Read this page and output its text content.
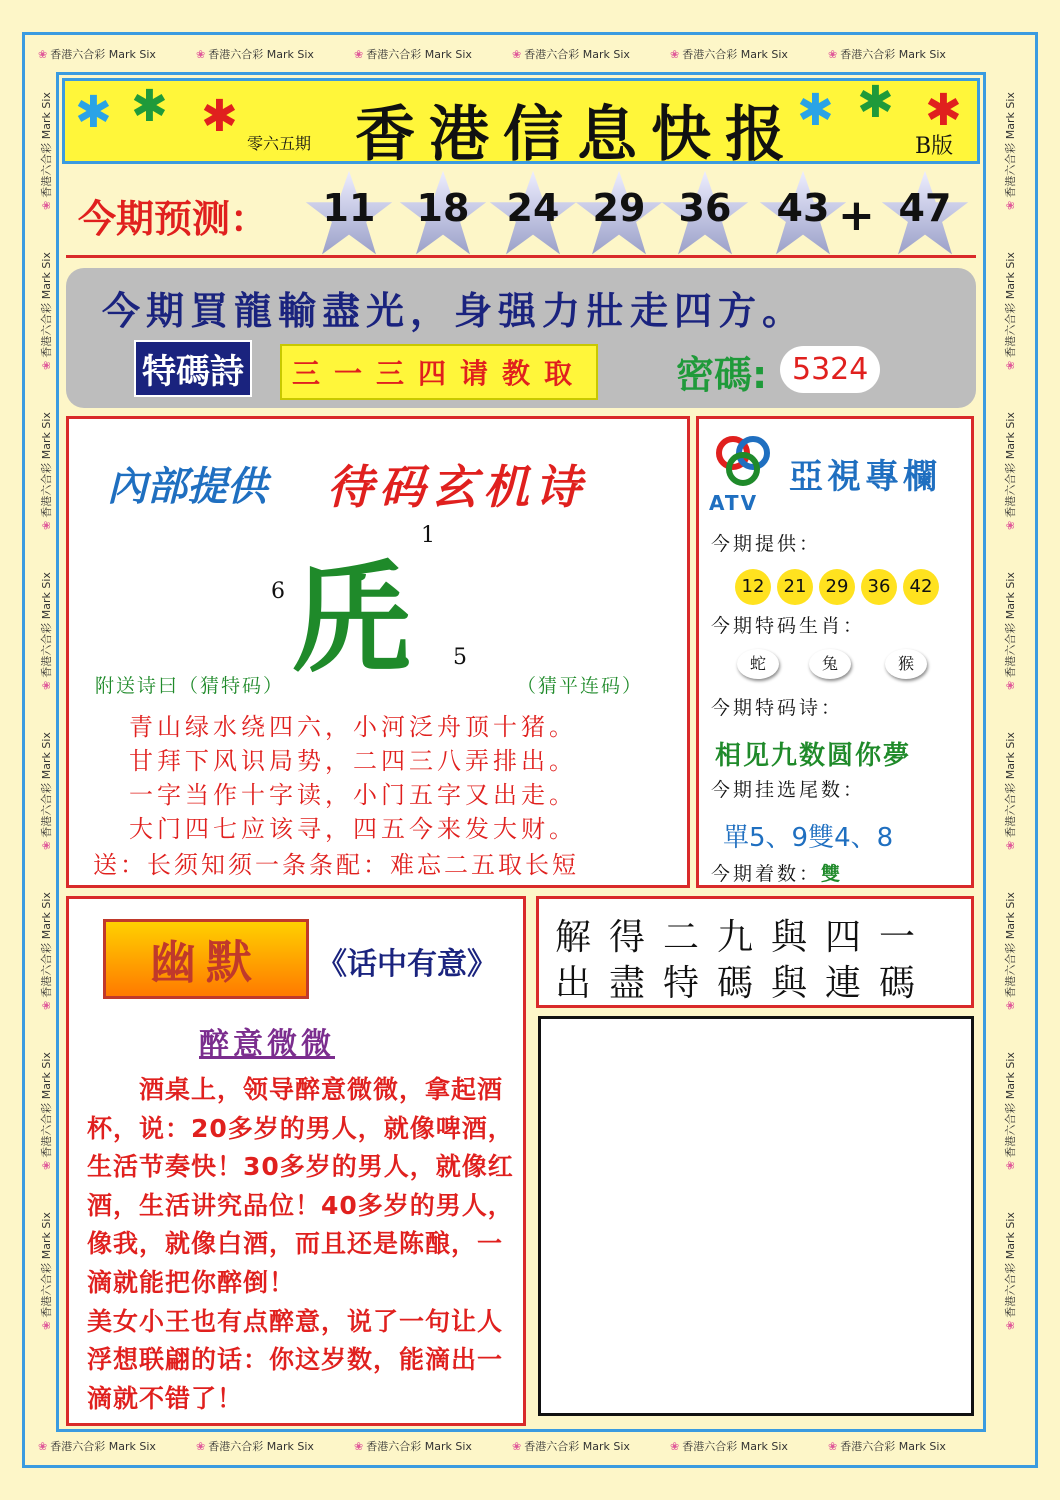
❀ 香港六合彩 Mark Six	❀ 香港六合彩 Mark Six	❀ 香港六合彩 Mark Six	❀ 香港六合彩 Mark Six	❀ 香港六合彩 Mark Six	❀ 香港六合彩 Mark Six
❀ 香港六合彩 Mark Six	❀ 香港六合彩 Mark Six	❀ 香港六合彩 Mark Six	❀ 香港六合彩 Mark Six	❀ 香港六合彩 Mark Six	❀ 香港六合彩 Mark Six
❀香港六合彩 Mark Six
❀香港六合彩 Mark Six
❀香港六合彩 Mark Six
❀香港六合彩 Mark Six
❀香港六合彩 Mark Six
❀香港六合彩 Mark Six
❀香港六合彩 Mark Six
❀香港六合彩 Mark Six
❀香港六合彩 Mark Six
❀香港六合彩 Mark Six
❀香港六合彩 Mark Six
❀香港六合彩 Mark Six
❀香港六合彩 Mark Six
❀香港六合彩 Mark Six
❀香港六合彩 Mark Six
❀香港六合彩 Mark Six
✱ ✱ ✱
零六五期 香港信息快报
✱ ✱ ✱
B版
今期预测：	11	18 24 29 36	43	47
+
今期買龍輸盡光，身强力壯走四方。
特碼詩	三一三四请教取	密碼: 5324
內部提供 待码玄机诗
兏
1
6
5
附送诗曰（猜特码）	（猜平连码）
青山绿水绕四六，小河泛舟顶十猪。
甘拜下风识局势，二四三八弄排出。
一字当作十字读，小门五字又出走。
大门四七应该寻，四五今来发大财。
送：长须知须一条条配：难忘二五取长短
亞視專欄
ATV
今期提供：
12	21	29	36	42
今期特码生肖：
蛇	兔	猴
今期特码诗：
相见九数圆你夢
今期挂选尾数：
單5、9雙4、8
今期着数：雙
幽默	《话中有意》
醉意微微
　　酒桌上，领导醉意微微，拿起酒杯，说：20多岁的男人，就像啤酒，生活节奏快！30多岁的男人，就像红酒，生活讲究品位！40多岁的男人，像我，就像白酒，而且还是陈酿，一滴就能把你醉倒！
美女小王也有点醉意，说了一句让人浮想联翩的话：你这岁数，能滴出一滴就不错了！
解得二九與四一
出盡特碼與連碼
